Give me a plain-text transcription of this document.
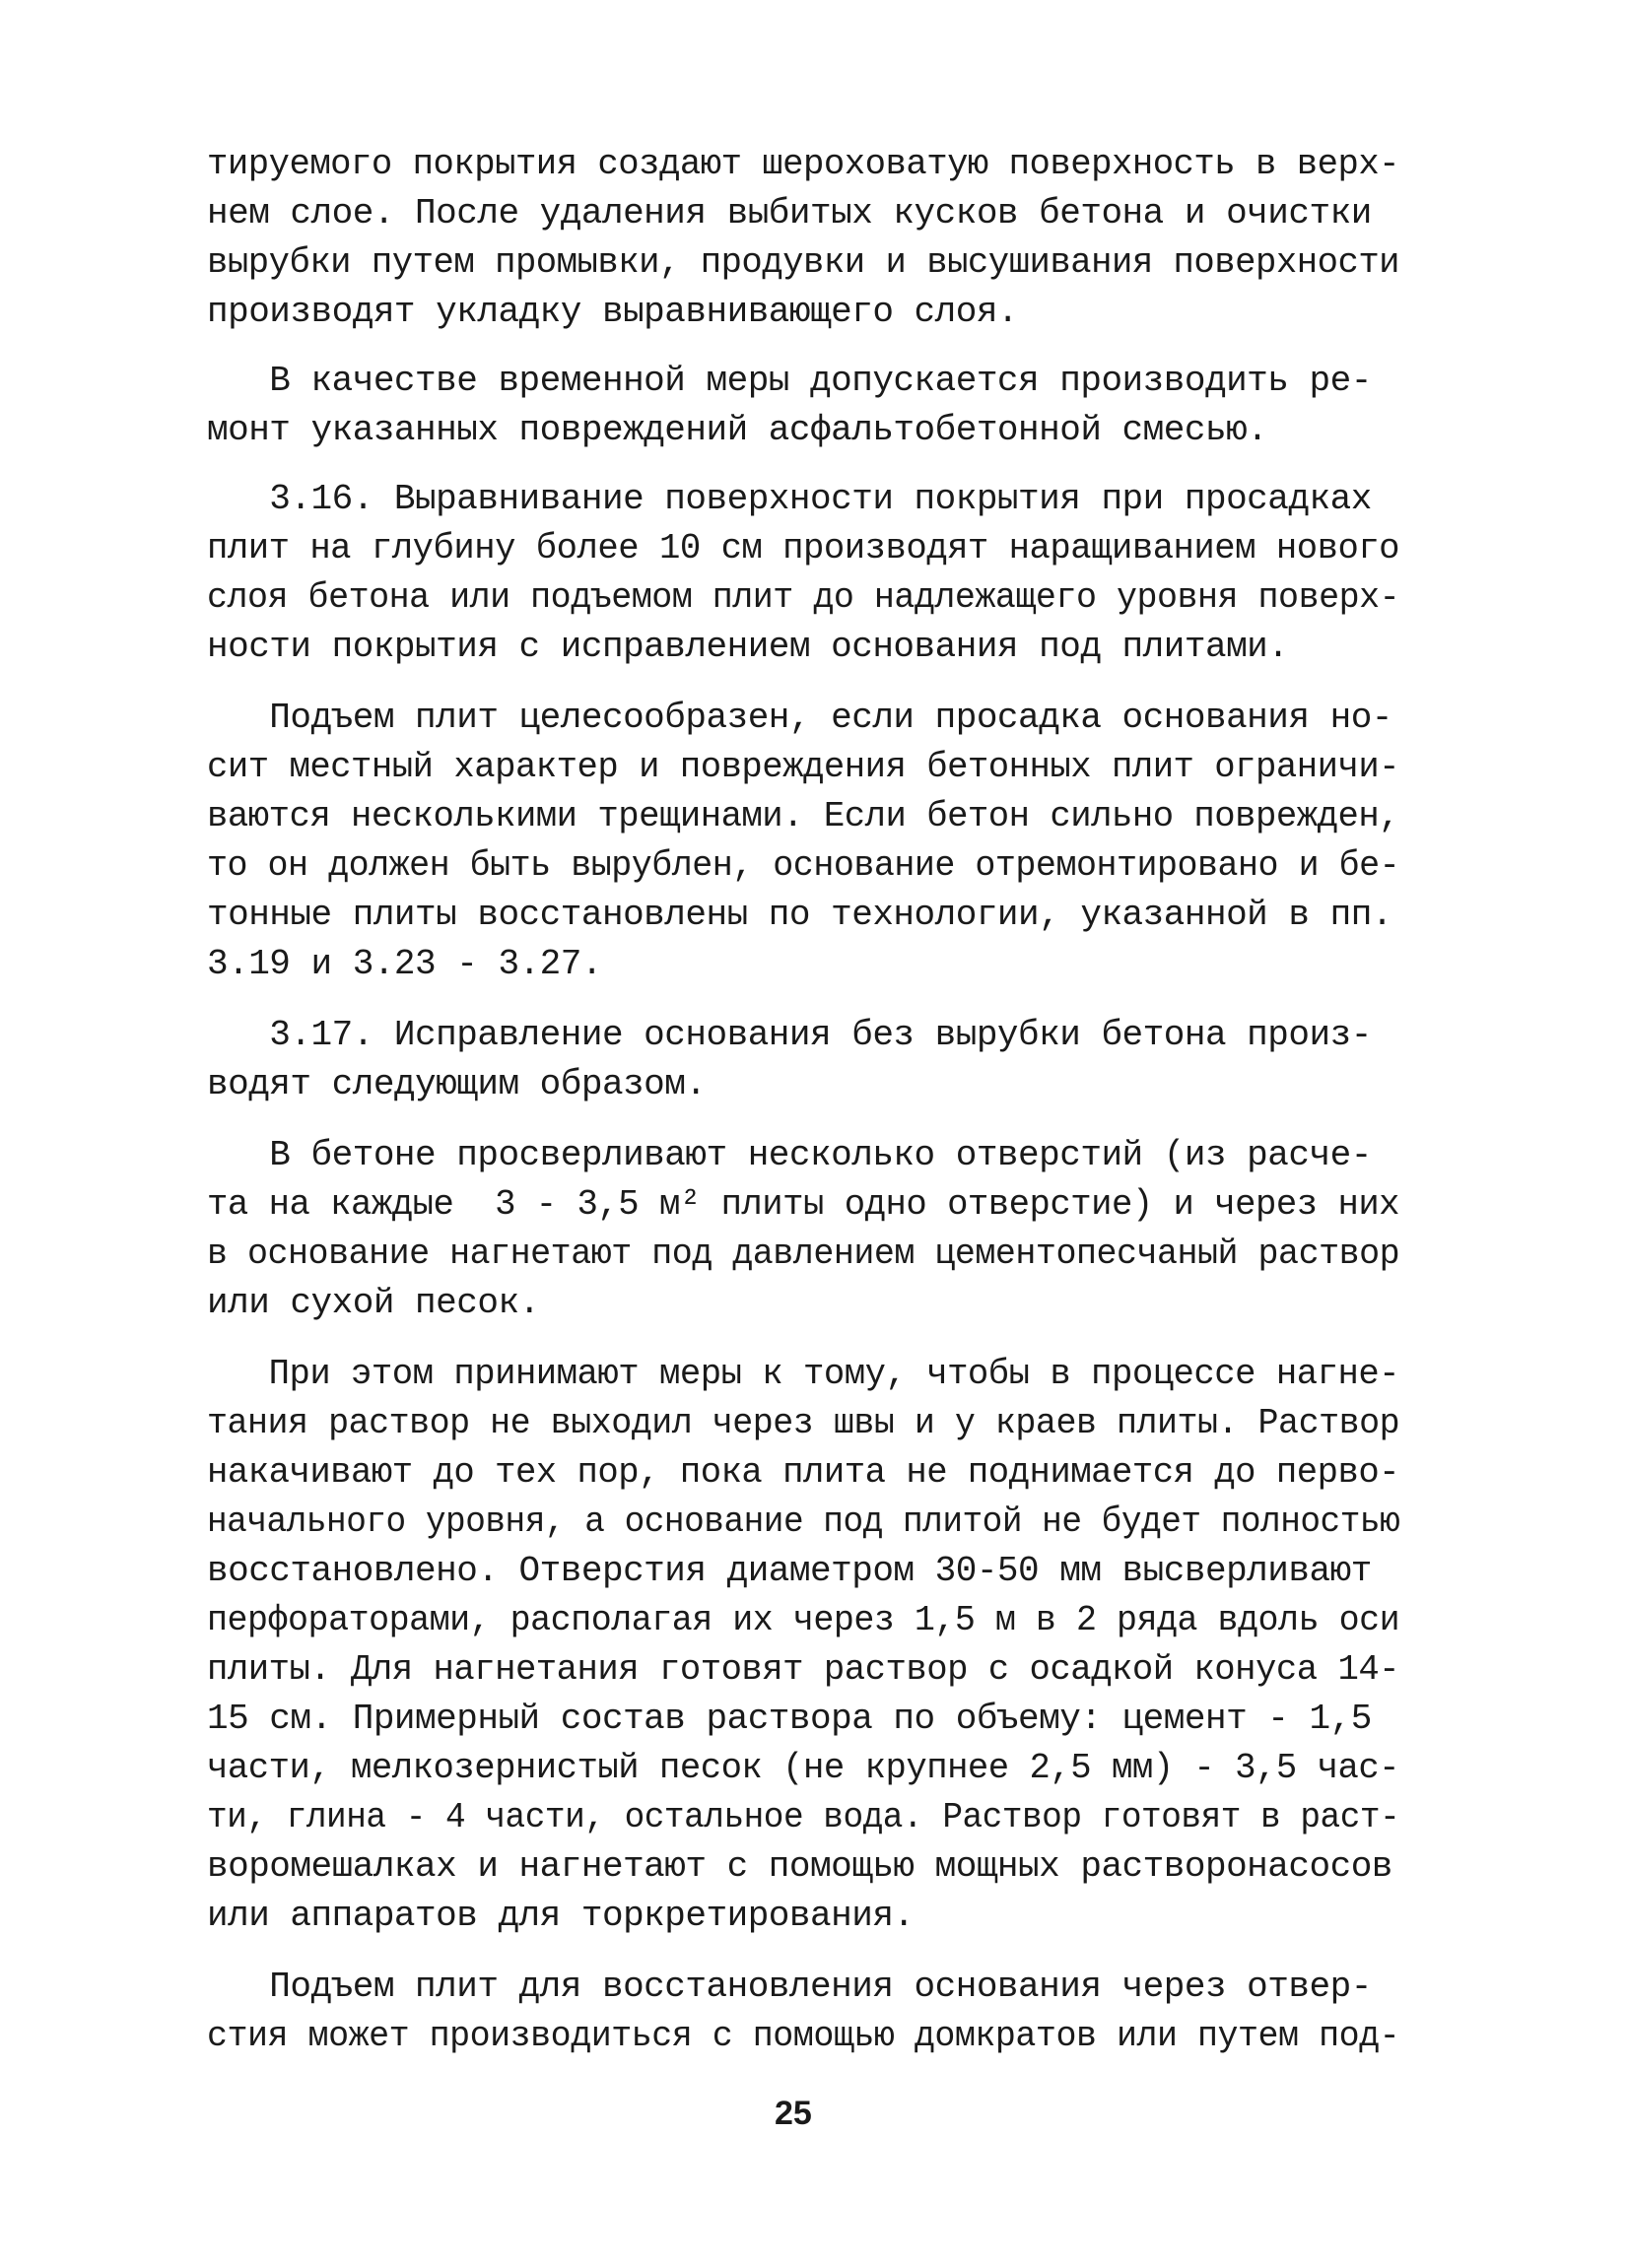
тируемого покрытия создают шероховатую поверхность в верх-

нем слое. После удаления выбитых кусков бетона и очистки

вырубки путем промывки, продувки и высушивания поверхности

производят укладку выравнивающего слоя.

В качестве временной меры допускается производить ре-

монт указанных повреждений асфальтобетонной смесью.

3.16. Выравнивание поверхности покрытия при просадках

плит на глубину более 10 см производят наращиванием нового

слоя бетона или подъемом плит до надлежащего уровня поверх-

ности покрытия с исправлением основания под плитами.

Подъем плит целесообразен, если просадка основания но-

сит местный характер и повреждения бетонных плит ограничи-

ваются несколькими трещинами. Если бетон сильно поврежден,

то он должен быть вырублен, основание отремонтировано и бе-

тонные плиты восстановлены по технологии, указанной в пп.

3.19 и 3.23 - 3.27.

3.17. Исправление основания без вырубки бетона произ-

водят следующим образом.

В бетоне просверливают несколько отверстий (из расче-

та на каждые  3 - 3,5 м² плиты одно отверстие) и через них

в основание нагнетают под давлением цементопесчаный раствор

или сухой песок.

При этом принимают меры к тому, чтобы в процессе нагне-

тания раствор не выходил через швы и у краев плиты. Раствор

накачивают до тех пор, пока плита не поднимается до перво-

начального уровня, а основание под плитой не будет полностью

восстановлено. Отверстия диаметром 30-50 мм высверливают

перфораторами, располагая их через 1,5 м в 2 ряда вдоль оси

плиты. Для нагнетания готовят раствор с осадкой конуса 14-

15 см. Примерный состав раствора по объему: цемент - 1,5

части, мелкозернистый песок (не крупнее 2,5 мм) - 3,5 час-

ти, глина - 4 части, остальное вода. Раствор готовят в раст-

воромешалках и нагнетают с помощью мощных растворонасосов

или аппаратов для торкретирования.

Подъем плит для восстановления основания через отвер-

стия может производиться с помощью домкратов или путем под-

25
